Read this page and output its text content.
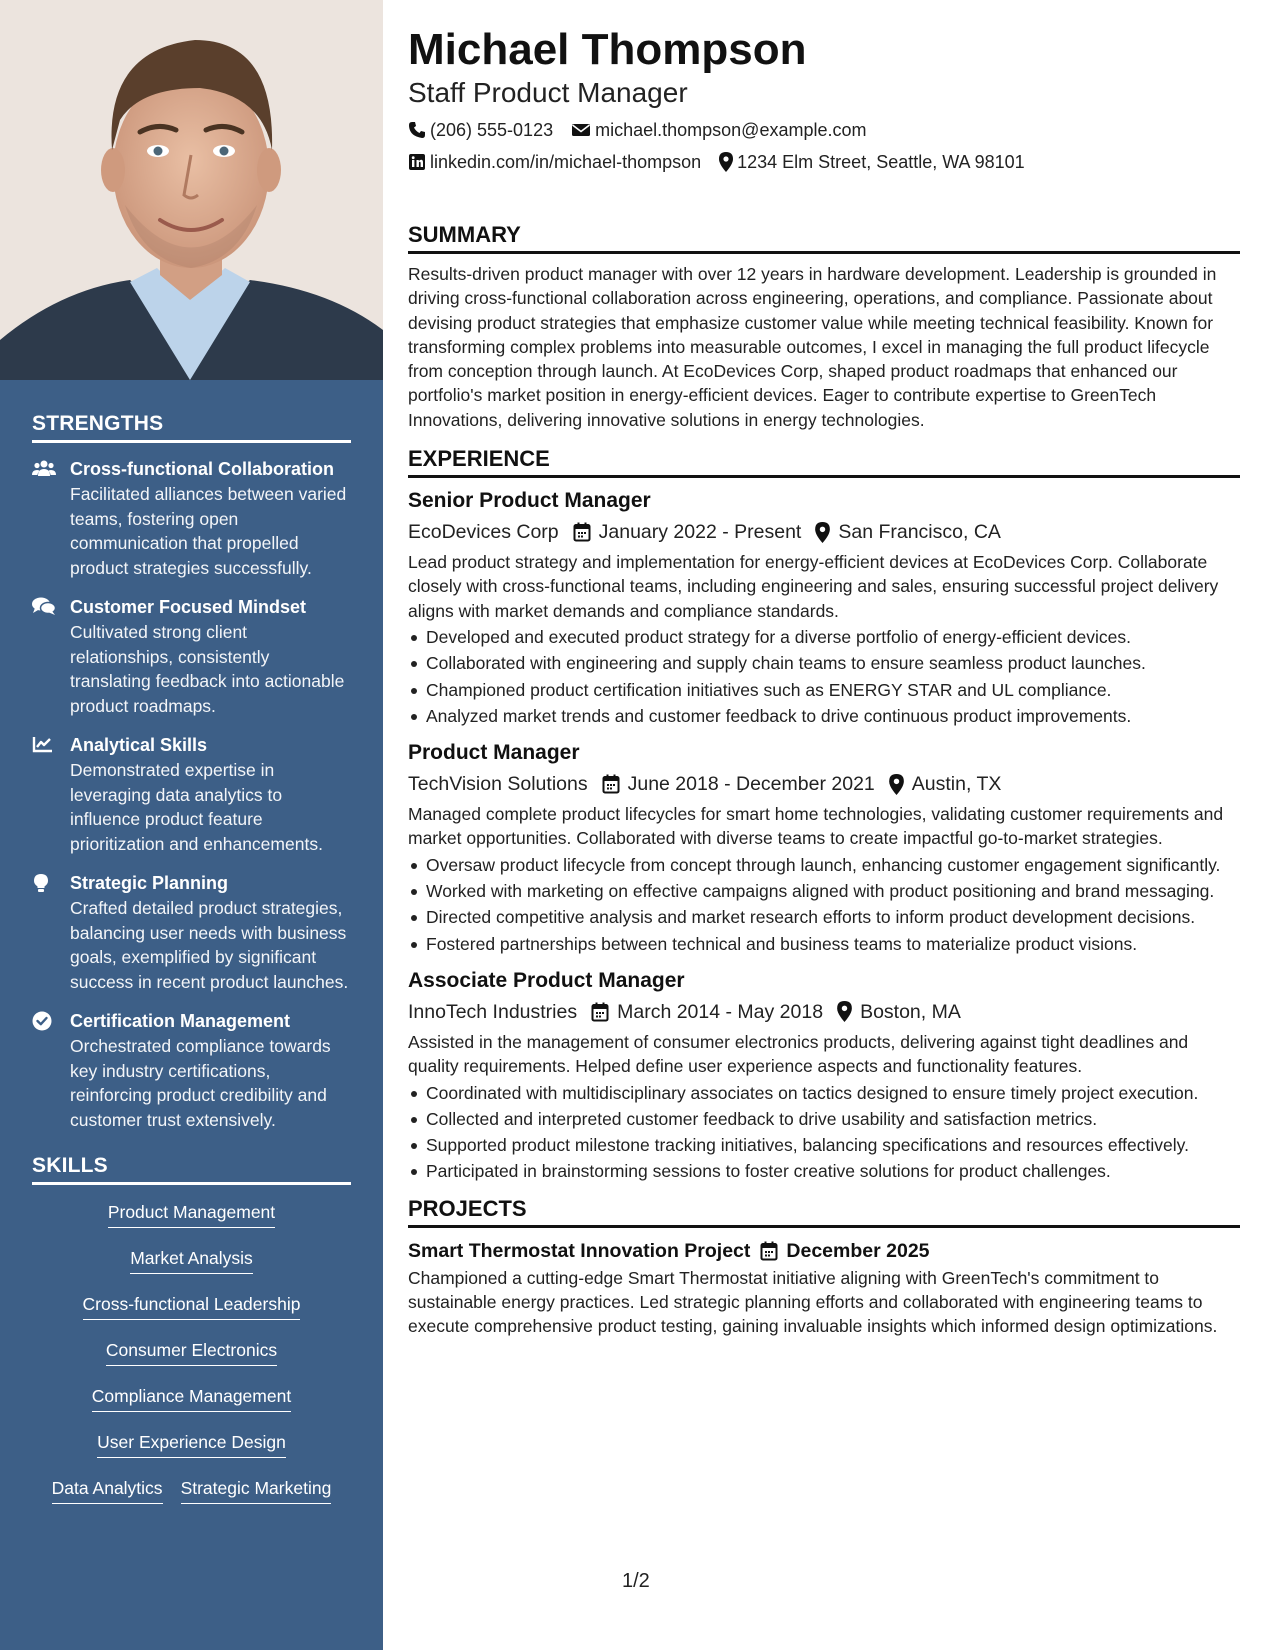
STRENGTHS
Cross-functional Collaboration
Facilitated alliances between varied teams, fostering open communication that propelled product strategies successfully.
Customer Focused Mindset
Cultivated strong client relationships, consistently translating feedback into actionable product roadmaps.
Analytical Skills
Demonstrated expertise in leveraging data analytics to influence product feature prioritization and enhancements.
Strategic Planning
Crafted detailed product strategies, balancing user needs with business goals, exemplified by significant success in recent product launches.
Certification Management
Orchestrated compliance towards key industry certifications, reinforcing product credibility and customer trust extensively.
SKILLS
Product Management
Market Analysis
Cross-functional Leadership
Consumer Electronics
Compliance Management
User Experience Design
Data Analytics Strategic Marketing
Michael Thompson
Staff Product Manager
(206) 555-0123 michael.thompson@example.com
linkedin.com/in/michael-thompson 1234 Elm Street, Seattle, WA 98101
SUMMARY
Results-driven product manager with over 12 years in hardware development. Leadership is grounded in driving cross-functional collaboration across engineering, operations, and compliance. Passionate about devising product strategies that emphasize customer value while meeting technical feasibility. Known for transforming complex problems into measurable outcomes, I excel in managing the full product lifecycle from conception through launch. At EcoDevices Corp, shaped product roadmaps that enhanced our portfolio's market position in energy-efficient devices. Eager to contribute expertise to GreenTech Innovations, delivering innovative solutions in energy technologies.
EXPERIENCE
Senior Product Manager
EcoDevices Corp January 2022 - Present San Francisco, CA
Lead product strategy and implementation for energy-efficient devices at EcoDevices Corp. Collaborate closely with cross-functional teams, including engineering and sales, ensuring successful project delivery aligns with market demands and compliance standards.
Developed and executed product strategy for a diverse portfolio of energy-efficient devices.
Collaborated with engineering and supply chain teams to ensure seamless product launches.
Championed product certification initiatives such as ENERGY STAR and UL compliance.
Analyzed market trends and customer feedback to drive continuous product improvements.
Product Manager
TechVision Solutions June 2018 - December 2021 Austin, TX
Managed complete product lifecycles for smart home technologies, validating customer requirements and market opportunities. Collaborated with diverse teams to create impactful go-to-market strategies.
Oversaw product lifecycle from concept through launch, enhancing customer engagement significantly.
Worked with marketing on effective campaigns aligned with product positioning and brand messaging.
Directed competitive analysis and market research efforts to inform product development decisions.
Fostered partnerships between technical and business teams to materialize product visions.
Associate Product Manager
InnoTech Industries March 2014 - May 2018 Boston, MA
Assisted in the management of consumer electronics products, delivering against tight deadlines and quality requirements. Helped define user experience aspects and functionality features.
Coordinated with multidisciplinary associates on tactics designed to ensure timely project execution.
Collected and interpreted customer feedback to drive usability and satisfaction metrics.
Supported product milestone tracking initiatives, balancing specifications and resources effectively.
Participated in brainstorming sessions to foster creative solutions for product challenges.
PROJECTS
Smart Thermostat Innovation Project December 2025
Championed a cutting-edge Smart Thermostat initiative aligning with GreenTech's commitment to sustainable energy practices. Led strategic planning efforts and collaborated with engineering teams to execute comprehensive product testing, gaining invaluable insights which informed design optimizations.
1/2
